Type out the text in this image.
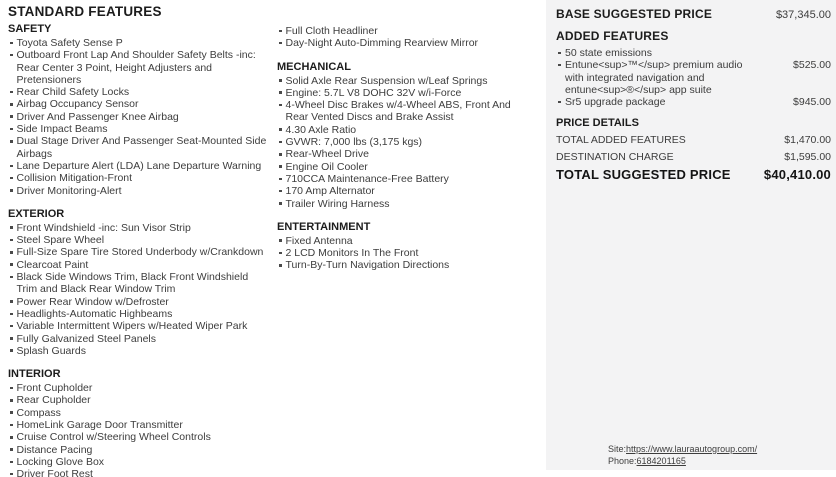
STANDARD FEATURES
SAFETY
Toyota Safety Sense P
Outboard Front Lap And Shoulder Safety Belts -inc: Rear Center 3 Point, Height Adjusters and Pretensioners
Rear Child Safety Locks
Airbag Occupancy Sensor
Driver And Passenger Knee Airbag
Side Impact Beams
Dual Stage Driver And Passenger Seat-Mounted Side Airbags
Lane Departure Alert (LDA) Lane Departure Warning
Collision Mitigation-Front
Driver Monitoring-Alert
EXTERIOR
Front Windshield -inc: Sun Visor Strip
Steel Spare Wheel
Full-Size Spare Tire Stored Underbody w/Crankdown
Clearcoat Paint
Black Side Windows Trim, Black Front Windshield Trim and Black Rear Window Trim
Power Rear Window w/Defroster
Headlights-Automatic Highbeams
Variable Intermittent Wipers w/Heated Wiper Park
Fully Galvanized Steel Panels
Splash Guards
INTERIOR
Front Cupholder
Rear Cupholder
Compass
HomeLink Garage Door Transmitter
Cruise Control w/Steering Wheel Controls
Distance Pacing
Locking Glove Box
Driver Foot Rest
Full Cloth Headliner
Day-Night Auto-Dimming Rearview Mirror
MECHANICAL
Solid Axle Rear Suspension w/Leaf Springs
Engine: 5.7L V8 DOHC 32V w/i-Force
4-Wheel Disc Brakes w/4-Wheel ABS, Front And Rear Vented Discs and Brake Assist
4.30 Axle Ratio
GVWR: 7,000 lbs (3,175 kgs)
Rear-Wheel Drive
Engine Oil Cooler
710CCA Maintenance-Free Battery
170 Amp Alternator
Trailer Wiring Harness
ENTERTAINMENT
Fixed Antenna
2 LCD Monitors In The Front
Turn-By-Turn Navigation Directions
BASE SUGGESTED PRICE	$37,345.00
ADDED FEATURES
50 state emissions
Entune<sup>™</sup> premium audio with integrated navigation and entune<sup>®</sup> app suite
$525.00
Sr5 upgrade package	$945.00
PRICE DETAILS
TOTAL ADDED FEATURES	$1,470.00
DESTINATION CHARGE	$1,595.00
TOTAL SUGGESTED PRICE	$40,410.00
Site:https://www.lauraautogroup.com/
Phone:6184201165
